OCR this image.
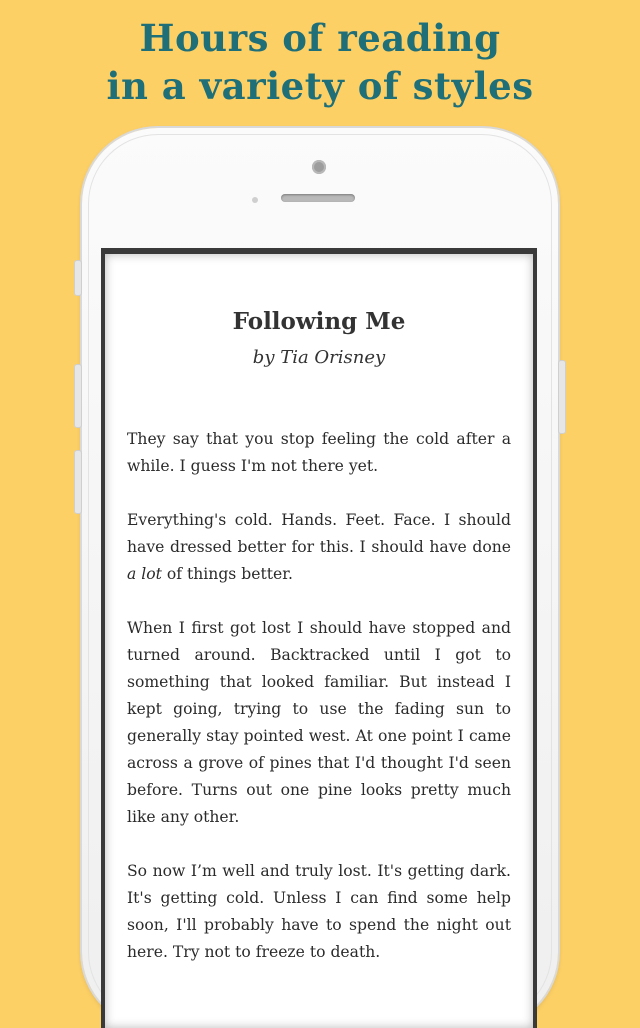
Hours of reading
in a variety of styles
Following Me
by Tia Orisney

They say that you stop feeling the cold after a while. I guess I'm not there yet.

Everything's cold. Hands. Feet. Face. I should have dressed better for this. I should have done a lot of things better.

When I first got lost I should have stopped and turned around. Backtracked until I got to something that looked familiar. But instead I kept going, trying to use the fading sun to generally stay pointed west. At one point I came across a grove of pines that I'd thought I'd seen before. Turns out one pine looks pretty much like any other.

So now I’m well and truly lost. It's getting dark. It's getting cold. Unless I can find some help soon, I'll probably have to spend the night out here. Try not to freeze to death.
